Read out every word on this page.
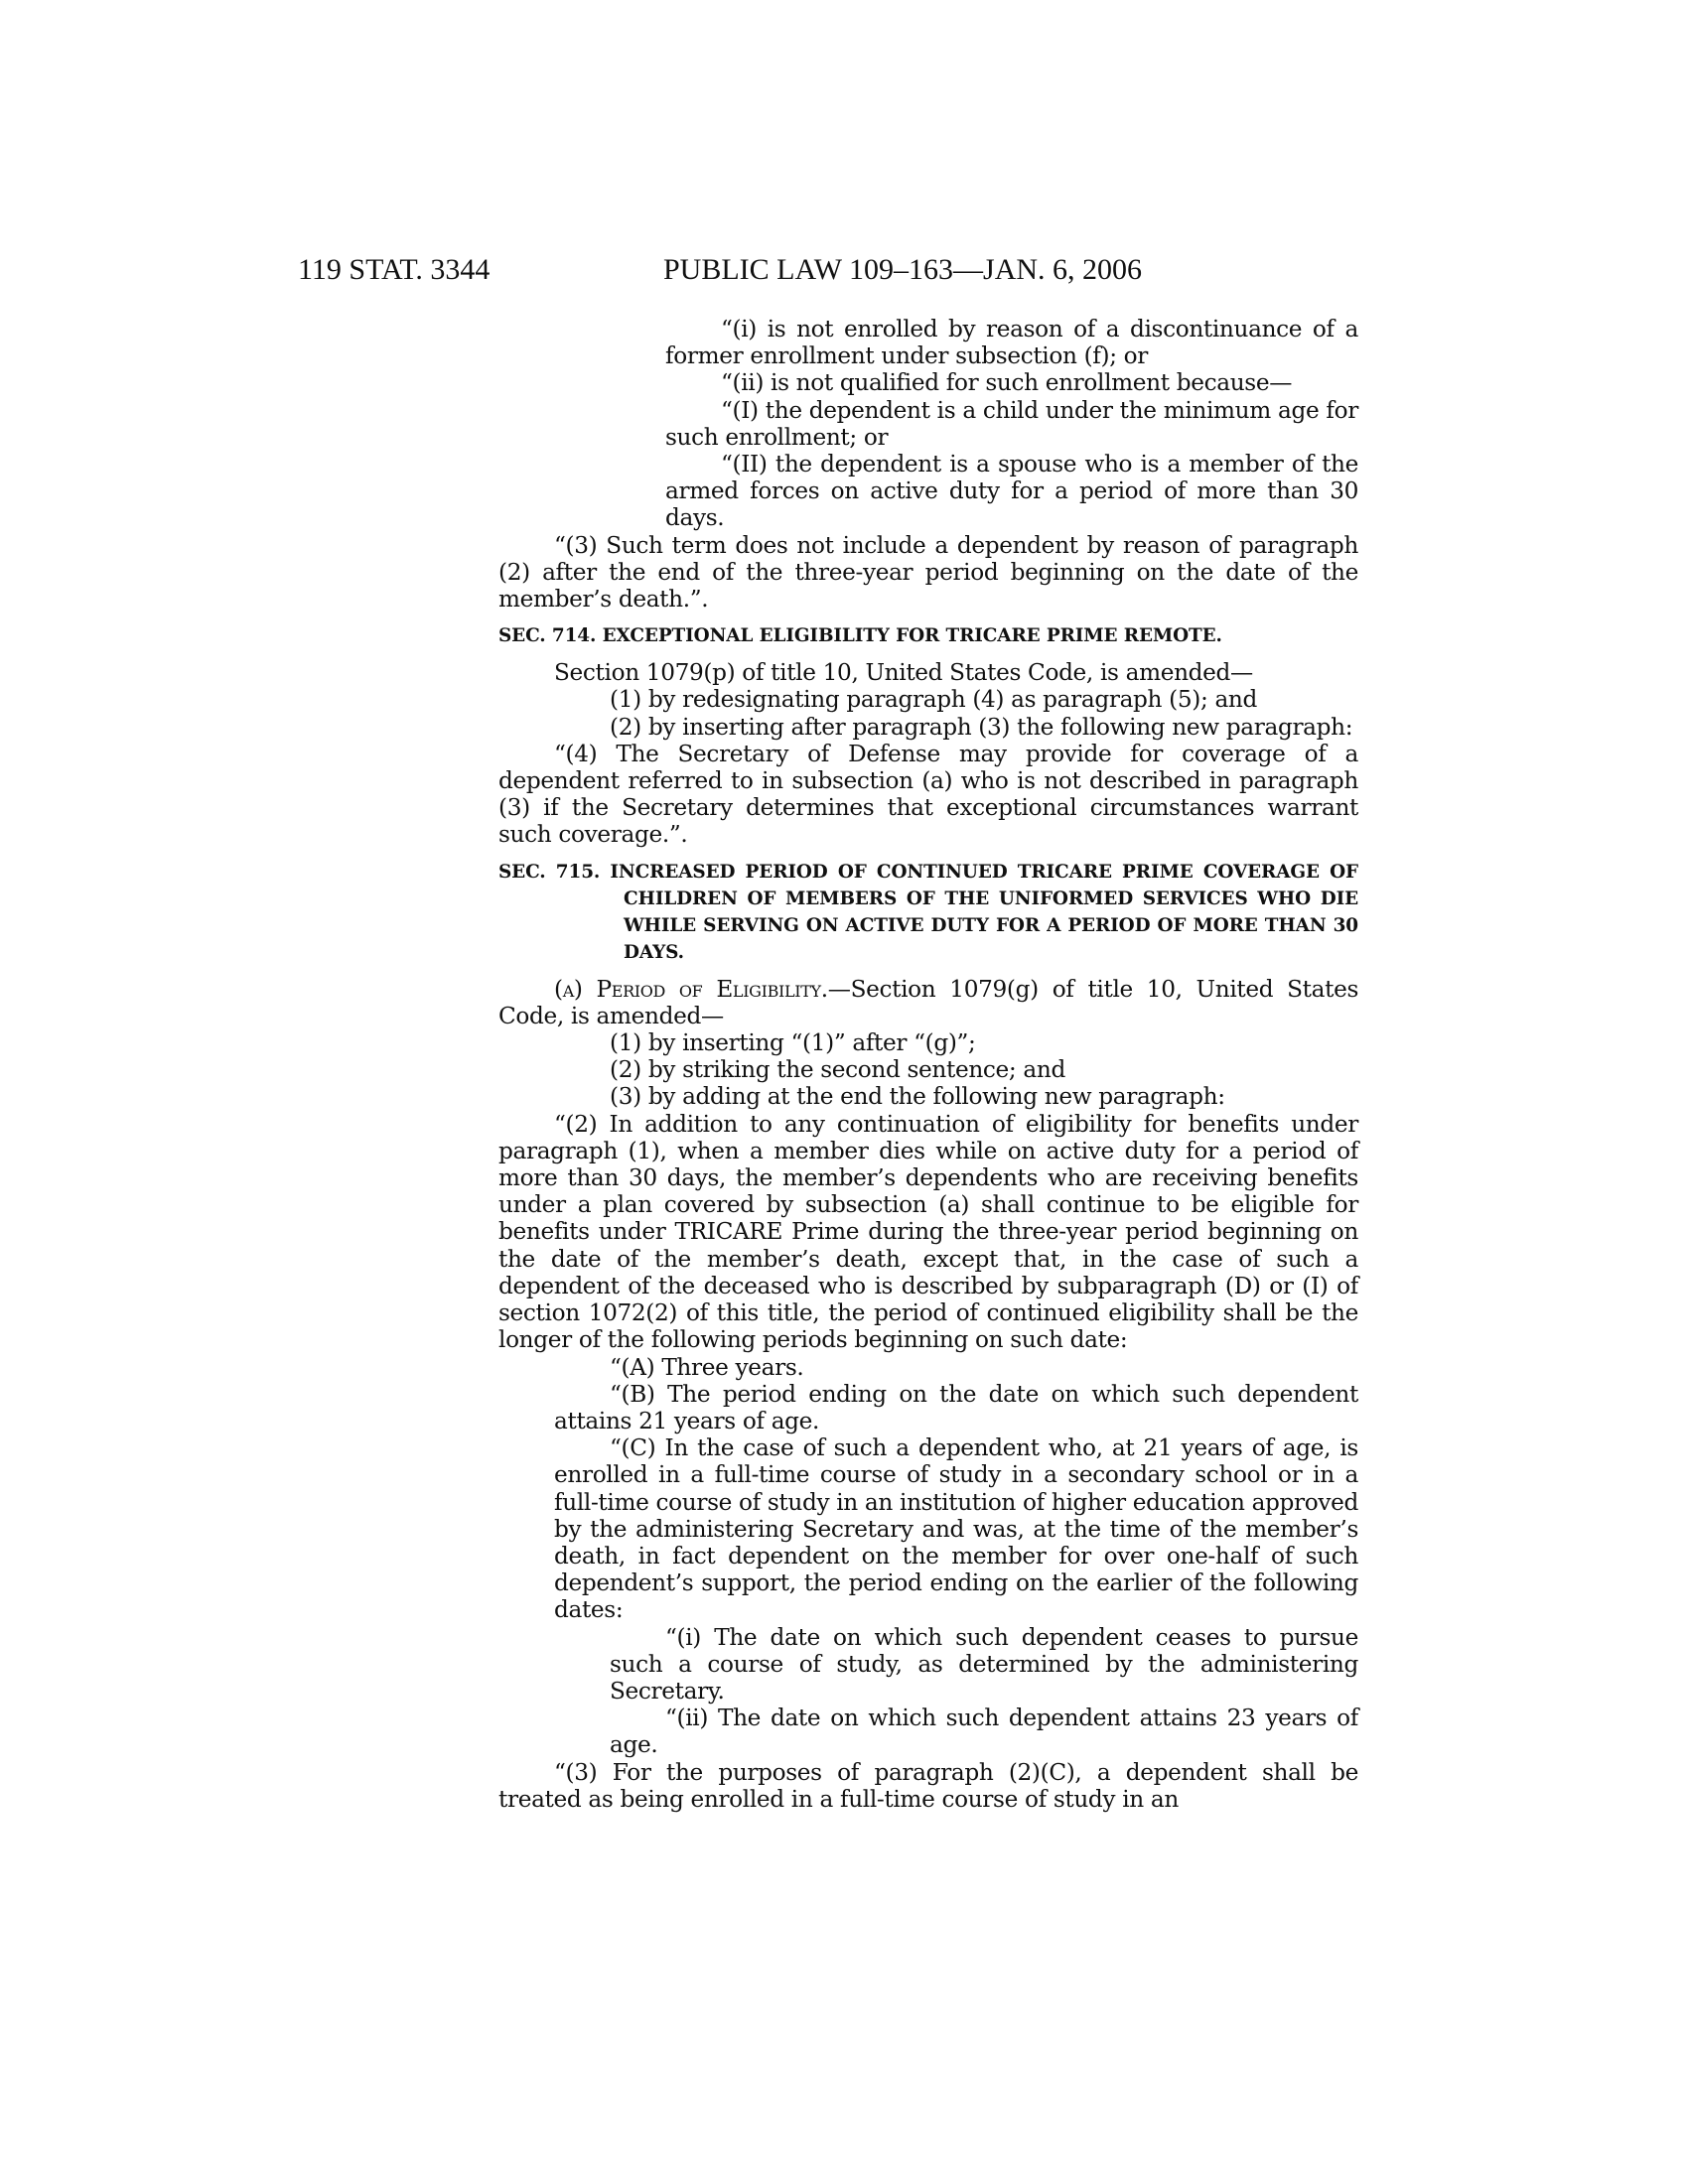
119 STAT. 3344	PUBLIC LAW 109–163—JAN. 6, 2006

“(i) is not enrolled by reason of a discontinuance of a former enrollment under subsection (f); or

“(ii) is not qualified for such enrollment because—

“(I) the dependent is a child under the minimum age for such enrollment; or

“(II) the dependent is a spouse who is a member of the armed forces on active duty for a period of more than 30 days.

“(3) Such term does not include a dependent by reason of paragraph (2) after the end of the three-year period beginning on the date of the member’s death.”.

SEC. 714. EXCEPTIONAL ELIGIBILITY FOR TRICARE PRIME REMOTE.

Section 1079(p) of title 10, United States Code, is amended—

(1) by redesignating paragraph (4) as paragraph (5); and

(2) by inserting after paragraph (3) the following new paragraph:

“(4) The Secretary of Defense may provide for coverage of a dependent referred to in subsection (a) who is not described in paragraph (3) if the Secretary determines that exceptional circumstances warrant such coverage.”.

SEC. 715. INCREASED PERIOD OF CONTINUED TRICARE PRIME COVERAGE OF CHILDREN OF MEMBERS OF THE UNIFORMED SERVICES WHO DIE WHILE SERVING ON ACTIVE DUTY FOR A PERIOD OF MORE THAN 30 DAYS.

(a) Period of Eligibility.—Section 1079(g) of title 10, United States Code, is amended—

(1) by inserting “(1)” after “(g)”;

(2) by striking the second sentence; and

(3) by adding at the end the following new paragraph:

“(2) In addition to any continuation of eligibility for benefits under paragraph (1), when a member dies while on active duty for a period of more than 30 days, the member’s dependents who are receiving benefits under a plan covered by subsection (a) shall continue to be eligible for benefits under TRICARE Prime during the three-year period beginning on the date of the member’s death, except that, in the case of such a dependent of the deceased who is described by subparagraph (D) or (I) of section 1072(2) of this title, the period of continued eligibility shall be the longer of the following periods beginning on such date:

“(A) Three years.

“(B) The period ending on the date on which such dependent attains 21 years of age.

“(C) In the case of such a dependent who, at 21 years of age, is enrolled in a full-time course of study in a secondary school or in a full-time course of study in an institution of higher education approved by the administering Secretary and was, at the time of the member’s death, in fact dependent on the member for over one-half of such dependent’s support, the period ending on the earlier of the following dates:

“(i) The date on which such dependent ceases to pursue such a course of study, as determined by the administering Secretary.

“(ii) The date on which such dependent attains 23 years of age.

“(3) For the purposes of paragraph (2)(C), a dependent shall be treated as being enrolled in a full-time course of study in an
